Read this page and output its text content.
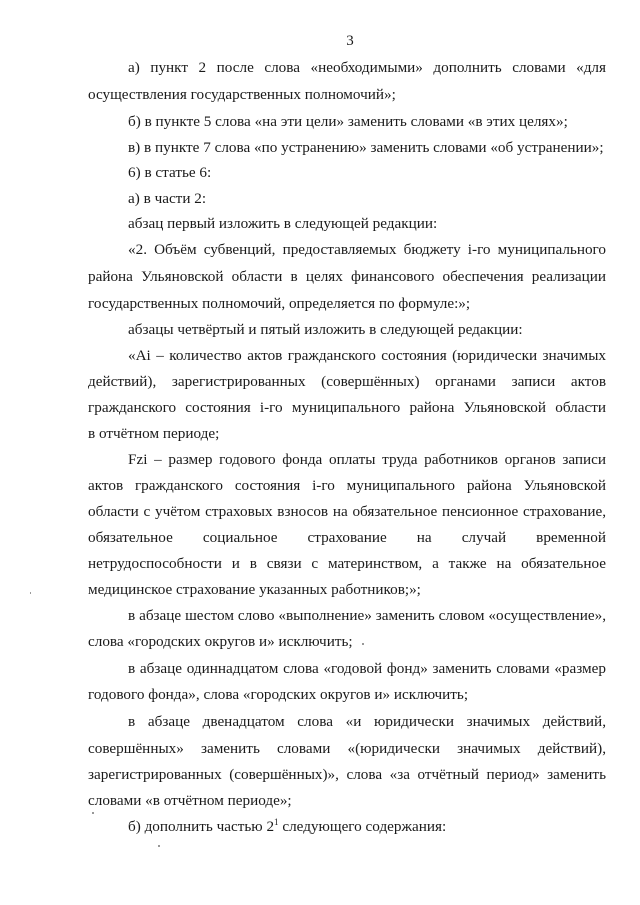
3
а) пункт 2 после слова «необходимыми» дополнить словами «для
осуществления государственных полномочий»;
б) в пункте 5 слова «на эти цели» заменить словами «в этих целях»;
в) в пункте 7 слова «по устранению» заменить словами «об устранении»;
6) в статье 6:
а) в части 2:
абзац первый изложить в следующей редакции:
«2. Объём субвенций, предоставляемых бюджету i-го муниципального
района Ульяновской области в целях финансового обеспечения реализации
государственных полномочий, определяется по формуле:»;
абзацы четвёртый и пятый изложить в следующей редакции:
«Ai – количество актов гражданского состояния (юридически значимых
действий), зарегистрированных (совершённых) органами записи актов
гражданского состояния i-го муниципального района Ульяновской области
в отчётном периоде;
Fzi – размер годового фонда оплаты труда работников органов записи
актов гражданского состояния i-го муниципального района Ульяновской
области с учётом страховых взносов на обязательное пенсионное страхование,
обязательное социальное страхование на случай временной
нетрудоспособности и в связи с материнством, а также на обязательное
медицинское страхование указанных работников;»;
в абзаце шестом слово «выполнение» заменить словом «осуществление»,
слова «городских округов и» исключить;
в абзаце одиннадцатом слова «годовой фонд» заменить словами «размер
годового фонда», слова «городских округов и» исключить;
в абзаце двенадцатом слова «и юридически значимых действий,
совершённых» заменить словами «(юридически значимых действий),
зарегистрированных (совершённых)», слова «за отчётный период» заменить
словами «в отчётном периоде»;
б) дополнить частью $2^1$ следующего содержания:
